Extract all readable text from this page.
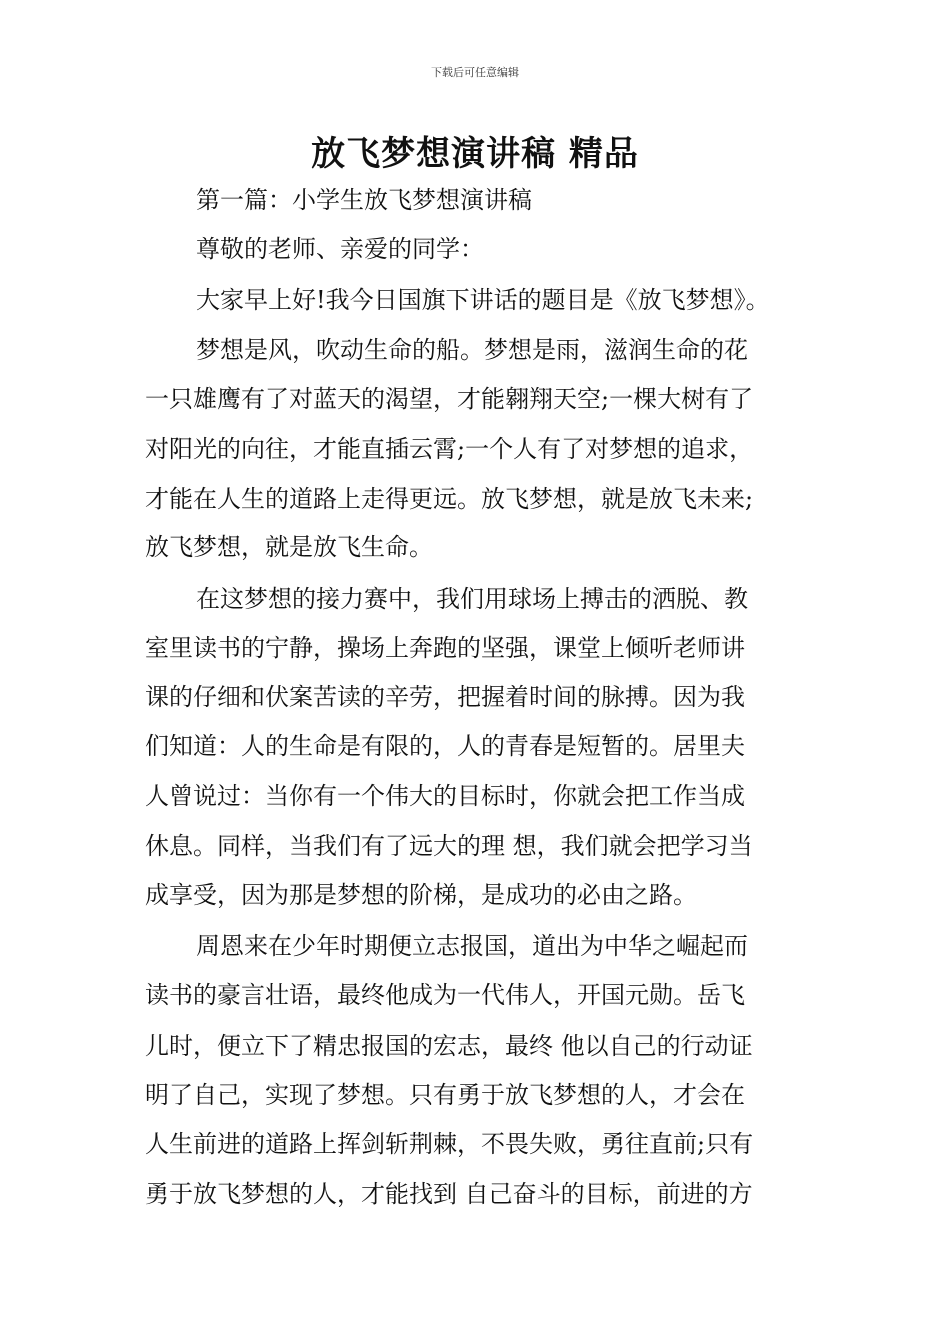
下载后可任意编辑
放飞梦想演讲稿 精品
第一篇：小学生放飞梦想演讲稿
尊敬的老师、亲爱的同学：
大家早上好!我今日国旗下讲话的题目是《放飞梦想》。
梦想是风，吹动生命的船。梦想是雨，滋润生命的花
一只雄鹰有了对蓝天的渴望，才能翱翔天空;一棵大树有了
对阳光的向往，才能直插云霄;一个人有了对梦想的追求，
才能在人生的道路上走得更远。放飞梦想，就是放飞未来;
放飞梦想，就是放飞生命。
在这梦想的接力赛中，我们用球场上搏击的洒脱、教
室里读书的宁静，操场上奔跑的坚强，课堂上倾听老师讲
课的仔细和伏案苦读的辛劳，把握着时间的脉搏。因为我
们知道：人的生命是有限的，人的青春是短暂的。居里夫
人曾说过：当你有一个伟大的目标时，你就会把工作当成
休息。同样，当我们有了远大的理 想，我们就会把学习当
成享受，因为那是梦想的阶梯，是成功的必由之路。
周恩来在少年时期便立志报国，道出为中华之崛起而
读书的豪言壮语，最终他成为一代伟人，开国元勋。岳飞
儿时，便立下了精忠报国的宏志，最终 他以自己的行动证
明了自己，实现了梦想。只有勇于放飞梦想的人，才会在
人生前进的道路上挥剑斩荆棘，不畏失败，勇往直前;只有
勇于放飞梦想的人，才能找到 自己奋斗的目标，前进的方
